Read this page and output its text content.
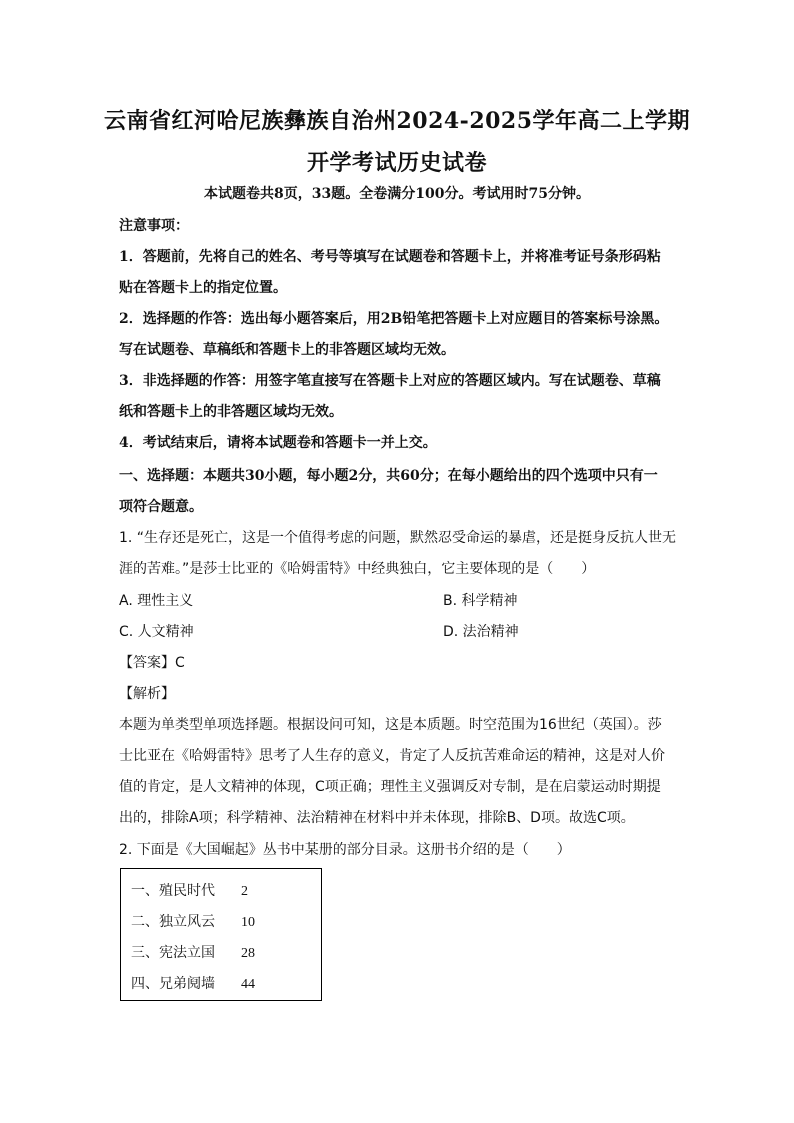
云南省红河哈尼族彝族自治州2024-2025学年高二上学期
开学考试历史试卷
本试题卷共8页，33题。全卷满分100分。考试用时75分钟。
注意事项：
1．答题前，先将自己的姓名、考号等填写在试题卷和答题卡上，并将准考证号条形码粘
贴在答题卡上的指定位置。
2．选择题的作答：选出每小题答案后，用2B铅笔把答题卡上对应题目的答案标号涂黑。
写在试题卷、草稿纸和答题卡上的非答题区域均无效。
3．非选择题的作答：用签字笔直接写在答题卡上对应的答题区域内。写在试题卷、草稿
纸和答题卡上的非答题区域均无效。
4．考试结束后，请将本试题卷和答题卡一并上交。
一、选择题：本题共30小题，每小题2分，共60分；在每小题给出的四个选项中只有一
项符合题意。
1. “生存还是死亡，这是一个值得考虑的问题，默然忍受命运的暴虐，还是挺身反抗人世无
涯的苦难。”是莎士比亚的《哈姆雷特》中经典独白，它主要体现的是（　　）
A. 理性主义	B. 科学精神
C. 人文精神	D. 法治精神
【答案】C
【解析】
本题为单类型单项选择题。根据设问可知，这是本质题。时空范围为16世纪（英国）。莎
士比亚在《哈姆雷特》思考了人生存的意义，肯定了人反抗苦难命运的精神，这是对人价
值的肯定，是人文精神的体现，C项正确；理性主义强调反对专制，是在启蒙运动时期提
出的，排除A项；科学精神、法治精神在材料中并未体现，排除B、D项。故选C项。
2. 下面是《大国崛起》丛书中某册的部分目录。这册书介绍的是（　　）
一、殖民时代 2
二、独立风云 10
三、宪法立国 28
四、兄弟阋墙 44
